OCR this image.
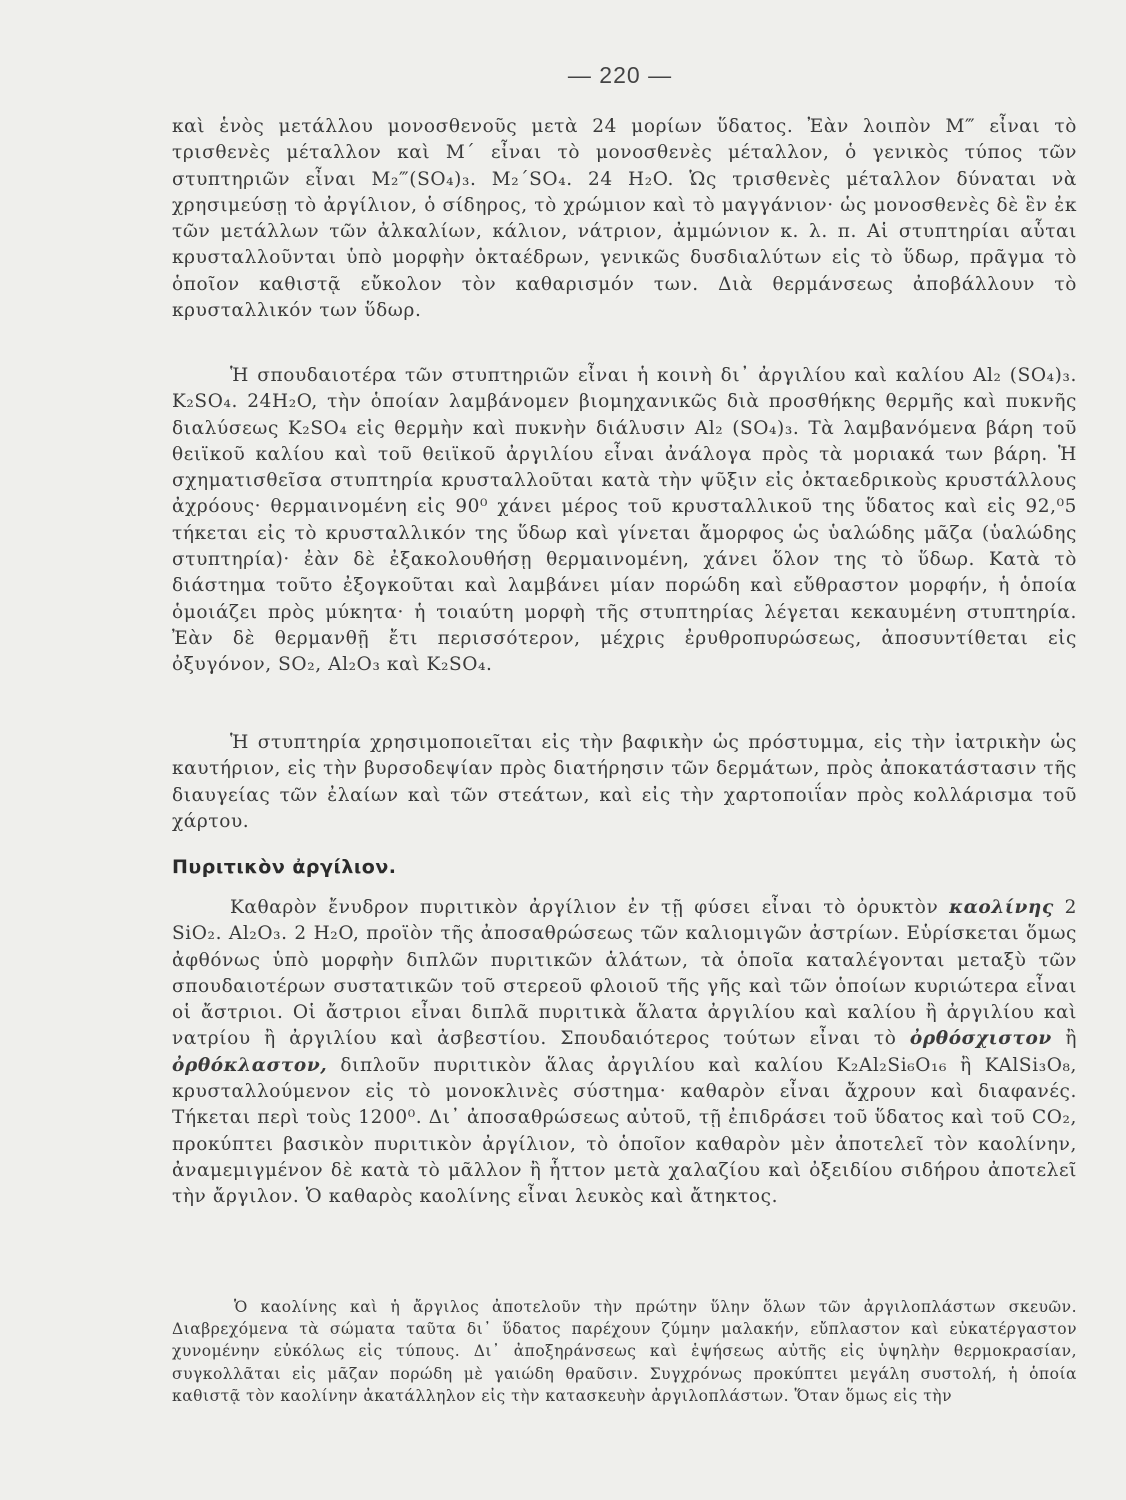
— 220 —

καὶ ἑνὸς μετάλλου μονοσθενοῦς μετὰ 24 μορίων ὕδατος. Ἐὰν λοιπὸν M‴ εἶναι τὸ τρισθενὲς μέταλλον καὶ M΄ εἶναι τὸ μονοσθενὲς μέταλλον, ὁ γενικὸς τύπος τῶν στυπτηριῶν εἶναι M₂‴(SO₄)₃. M₂΄SO₄. 24 H₂O. Ὡς τρισθενὲς μέταλλον δύναται νὰ χρησιμεύσῃ τὸ ἀργίλιον, ὁ σίδηρος, τὸ χρώμιον καὶ τὸ μαγγάνιον· ὡς μονοσθενὲς δὲ ἓν ἐκ τῶν μετάλλων τῶν ἀλκαλίων, κάλιον, νάτριον, ἀμμώνιον κ. λ. π. Αἱ στυπτηρίαι αὗται κρυσταλλοῦνται ὑπὸ μορφὴν ὀκταέδρων, γενικῶς δυσδιαλύτων εἰς τὸ ὕδωρ, πρᾶγμα τὸ ὁποῖον καθιστᾷ εὔκολον τὸν καθαρισμόν των. Διὰ θερμάνσεως ἀποβάλλουν τὸ κρυσταλλικόν των ὕδωρ.

Ἡ σπουδαιοτέρα τῶν στυπτηριῶν εἶναι ἡ κοινὴ δι᾽ ἀργιλίου καὶ καλίου Al₂ (SO₄)₃. K₂SO₄. 24H₂O, τὴν ὁποίαν λαμβάνομεν βιομηχανικῶς διὰ προσθήκης θερμῆς καὶ πυκνῆς διαλύσεως K₂SO₄ εἰς θερμὴν καὶ πυκνὴν διάλυσιν Al₂ (SO₄)₃. Τὰ λαμβανόμενα βάρη τοῦ θειϊκοῦ καλίου καὶ τοῦ θειϊκοῦ ἀργιλίου εἶναι ἀνάλογα πρὸς τὰ μοριακά των βάρη. Ἡ σχηματισθεῖσα στυπτηρία κρυσταλλοῦται κατὰ τὴν ψῦξιν εἰς ὀκταεδρικοὺς κρυστάλλους ἀχρόους· θερμαινομένη εἰς 90⁰ χάνει μέρος τοῦ κρυσταλλικοῦ της ὕδατος καὶ εἰς 92,⁰5 τήκεται εἰς τὸ κρυσταλλικόν της ὕδωρ καὶ γίνεται ἄμορφος ὡς ὑαλώδης μᾶζα (ὑαλώδης στυπτηρία)· ἐὰν δὲ ἐξακολουθήσῃ θερμαινομένη, χάνει ὅλον της τὸ ὕδωρ. Κατὰ τὸ διάστημα τοῦτο ἐξογκοῦται καὶ λαμβάνει μίαν πορώδη καὶ εὔθραστον μορφήν, ἡ ὁποία ὁμοιάζει πρὸς μύκητα· ἡ τοιαύτη μορφὴ τῆς στυπτηρίας λέγεται κεκαυμένη στυπτηρία. Ἐὰν δὲ θερμανθῇ ἔτι περισσότερον, μέχρις ἐρυθροπυρώσεως, ἀποσυντίθεται εἰς ὀξυγόνον, SO₂, Al₂O₃ καὶ K₂SO₄.

Ἡ στυπτηρία χρησιμοποιεῖται εἰς τὴν βαφικὴν ὡς πρόστυμμα, εἰς τὴν ἰατρικὴν ὡς καυτήριον, εἰς τὴν βυρσοδεψίαν πρὸς διατήρησιν τῶν δερμάτων, πρὸς ἀποκατάστασιν τῆς διαυγείας τῶν ἐλαίων καὶ τῶν στεάτων, καὶ εἰς τὴν χαρτοποιΐαν πρὸς κολλάρισμα τοῦ χάρτου.

Πυριτικὸν ἀργίλιον.

Καθαρὸν ἔνυδρον πυριτικὸν ἀργίλιον ἐν τῇ φύσει εἶναι τὸ ὀρυκτὸν καολίνης 2 SiO₂. Al₂O₃. 2 H₂O, προϊὸν τῆς ἀποσαθρώσεως τῶν καλιομιγῶν ἀστρίων. Εὑρίσκεται ὅμως ἀφθόνως ὑπὸ μορφὴν διπλῶν πυριτικῶν ἁλάτων, τὰ ὁποῖα καταλέγονται μεταξὺ τῶν σπουδαιοτέρων συστατικῶν τοῦ στερεοῦ φλοιοῦ τῆς γῆς καὶ τῶν ὁποίων κυριώτερα εἶναι οἱ ἄστριοι. Οἱ ἄστριοι εἶναι διπλᾶ πυριτικὰ ἅλατα ἀργιλίου καὶ καλίου ἢ ἀργιλίου καὶ νατρίου ἢ ἀργιλίου καὶ ἀσβεστίου. Σπουδαιότερος τούτων εἶναι τὸ ὀρθόσχιστον ἢ ὀρθόκλαστον, διπλοῦν πυριτικὸν ἅλας ἀργιλίου καὶ καλίου K₂Al₂Si₆O₁₆ ἢ KAlSi₃O₈, κρυσταλλούμενον εἰς τὸ μονοκλινὲς σύστημα· καθαρὸν εἶναι ἄχρουν καὶ διαφανές. Τήκεται περὶ τοὺς 1200⁰. Δι᾽ ἀποσαθρώσεως αὐτοῦ, τῇ ἐπιδράσει τοῦ ὕδατος καὶ τοῦ CO₂, προκύπτει βασικὸν πυριτικὸν ἀργίλιον, τὸ ὁποῖον καθαρὸν μὲν ἀποτελεῖ τὸν καολίνην, ἀναμεμιγμένον δὲ κατὰ τὸ μᾶλλον ἢ ἧττον μετὰ χαλαζίου καὶ ὀξειδίου σιδήρου ἀποτελεῖ τὴν ἄργιλον. Ὁ καθαρὸς καολίνης εἶναι λευκὸς καὶ ἄτηκτος.

Ὁ καολίνης καὶ ἡ ἄργιλος ἀποτελοῦν τὴν πρώτην ὕλην ὅλων τῶν ἀργιλοπλάστων σκευῶν. Διαβρεχόμενα τὰ σώματα ταῦτα δι᾽ ὕδατος παρέχουν ζύμην μαλακήν, εὔπλαστον καὶ εὐκατέργαστον χυνομένην εὐκόλως εἰς τύπους. Δι᾽ ἀποξηράνσεως καὶ ἑψήσεως αὐτῆς εἰς ὑψηλὴν θερμοκρασίαν, συγκολλᾶται εἰς μᾶζαν πορώδη μὲ γαιώδη θραῦσιν. Συγχρόνως προκύπτει μεγάλη συστολή, ἡ ὁποία καθιστᾷ τὸν καολίνην ἀκατάλληλον εἰς τὴν κατασκευὴν ἀργιλοπλάστων. Ὅταν ὅμως εἰς τὴν
